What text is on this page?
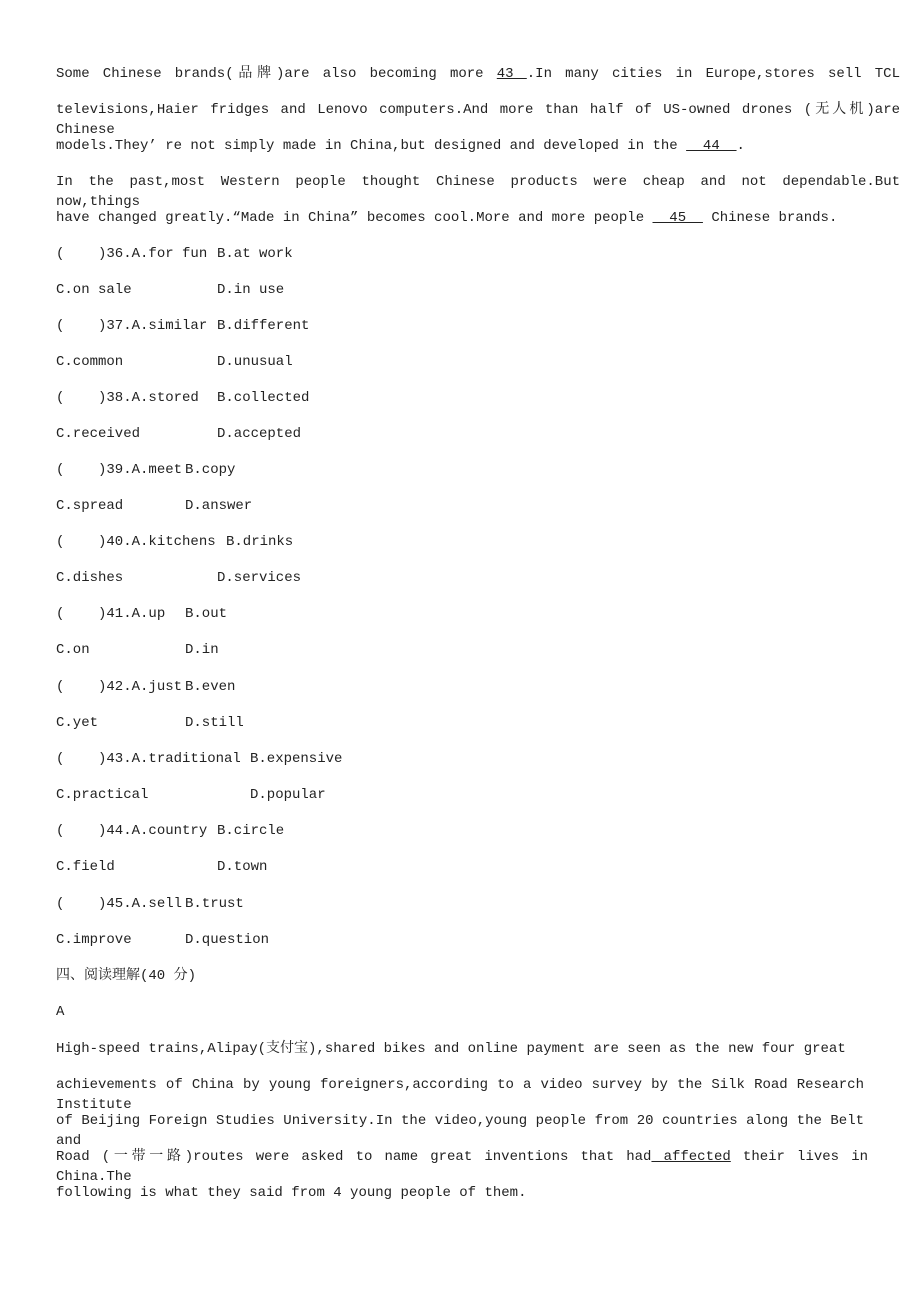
Some Chinese brands(品牌)are also becoming more 43 .In many cities in Europe,stores sell TCL
televisions,Haier fridges and Lenovo computers.And more than half of US-owned drones (无人机)are Chinese
models.They’ re not simply made in China,but designed and developed in the   44  .
In the past,most Western people thought Chinese products were cheap and not dependable.But now,things
have changed greatly.“Made in China” becomes cool.More and more people   45   Chinese brands.
(    )36.A.for fun B.at work
C.on sale	D.in use
(    )37.A.similar B.different
C.common	D.unusual
(    )38.A.stored B.collected
C.received	D.accepted
(    )39.A.meet B.copy
C.spread	D.answer
(    )40.A.kitchens B.drinks
C.dishes	D.services
(    )41.A.up B.out
C.on	D.in
(    )42.A.just B.even
C.yet	D.still
(    )43.A.traditional B.expensive
C.practical	D.popular
(    )44.A.country B.circle
C.field	D.town
(    )45.A.sell B.trust
C.improve	D.question
四、阅读理解(40 分)
A
High-speed trains,Alipay(支付宝),shared bikes and online payment are seen as the new four great
achievements of China by young foreigners,according to a video survey by the Silk Road Research Institute
of Beijing Foreign Studies University.In the video,young people from 20 countries along the Belt and
Road (一带一路)routes were asked to name great inventions that had affected their lives in China.The
following is what they said from 4 young people of them.
